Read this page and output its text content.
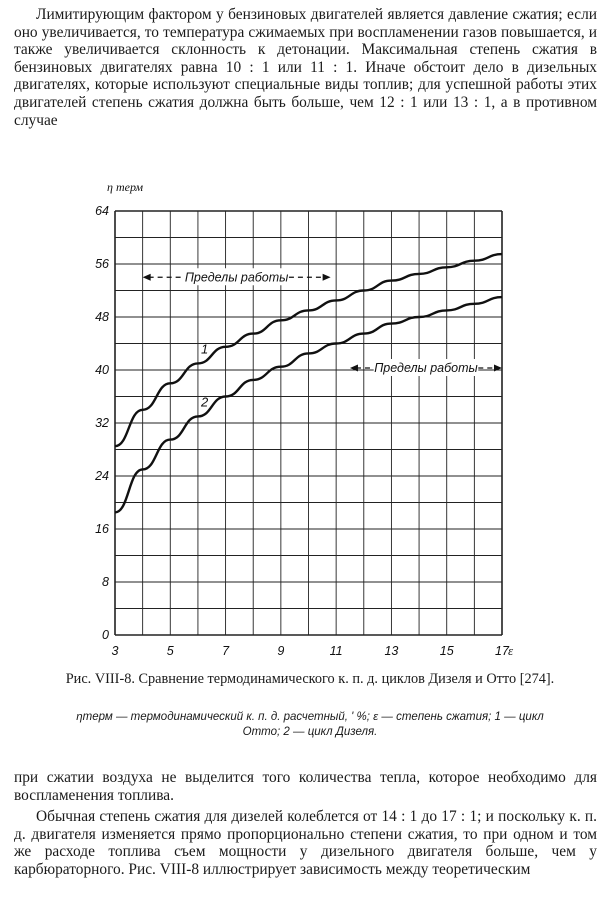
Лимитирующим фактором у бензиновых двигателей является давление сжатия; если оно увеличивается, то температура сжимаемых при воспламенении газов повышается, и также увеличивается склонность к детонации. Максимальная степень сжатия в бензиновых двигателях равна 10 : 1 или 11 : 1. Иначе обстоит дело в дизельных двигателях, которые используют специальные виды топлив; для успешной работы этих двигателей степень сжатия должна быть больше, чем 12 : 1 или 13 : 1, а в противном случае

3	5	7	9	11	13	15	17
0
8
16
24
32
40
48
56
64
η терм
ε
1
2
Пределы работы
Пределы работы

Рис. VIII-8. Сравнение термодинамического к. п. д. циклов Дизеля и Отто [274].

ηтерм — термодинамический к. п. д. расчетный, ' %; ε — степень сжатия; 1 — цикл Отто; 2 — цикл Дизеля.

при сжатии воздуха не выделится того количества тепла, которое необходимо для воспламенения топлива.

Обычная степень сжатия для дизелей колеблется от 14 : 1 до 17 : 1; и поскольку к. п. д. двигателя изменяется прямо пропорционально степени сжатия, то при одном и том же расходе топлива съем мощности у дизельного двигателя больше, чем у карбюраторного. Рис. VIII-8 иллюстрирует зависимость между теоретическим
